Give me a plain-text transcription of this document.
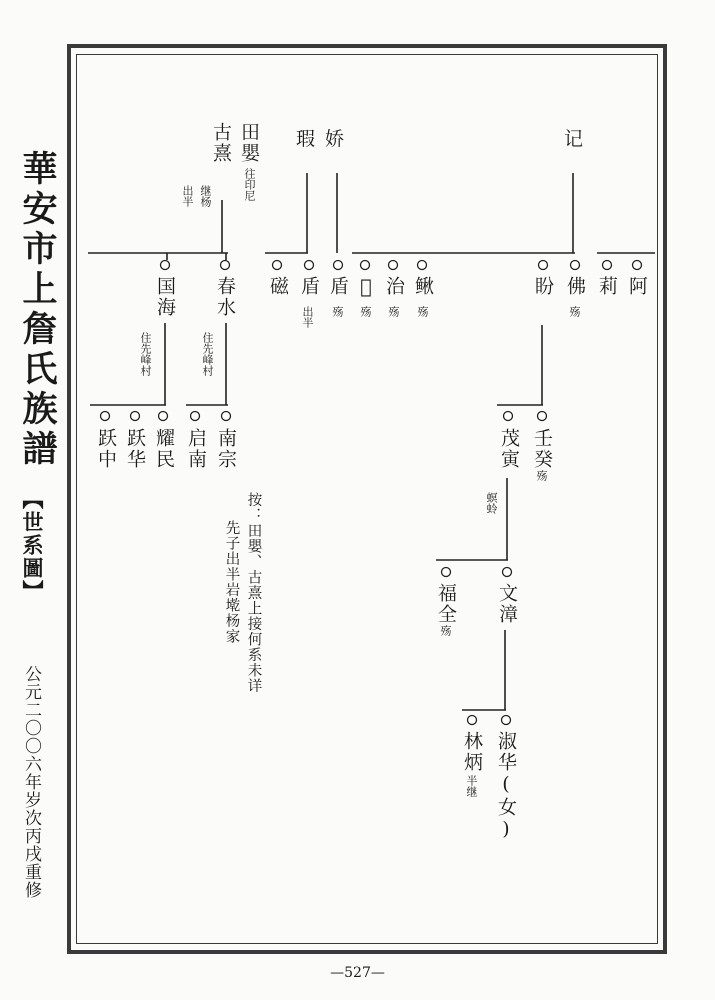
華安市上詹氏族譜
【世系圖】
公元二〇〇六年岁次丙戌重修
田嬰
古熹
往印尼
继杨
出半
瑕 娇	记
国海 春水
住先峰村	住先峰村
磁 盾
出半
盾
殇
𫔘
殇
治
殇
鳅
殇
盼 佛
殇
莉 阿
跃中 跃华 耀民 启南 南宗	茂寅
螟蛉
壬癸
殇
福全
殇
文漳
林炳
半继 淑华(女)
按：田嬰、古熹上接何系未详
先子出半岩墘杨家
—527—
